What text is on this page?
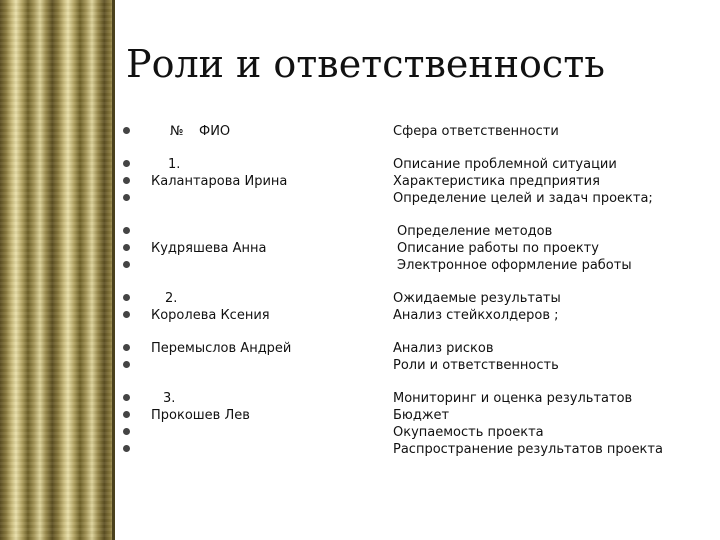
Роли и ответственность
№ ФИО	Сфера ответственности
1.
Калантарова Ирина
Описание проблемной ситуации
Характеристика предприятия
Определение целей и задач проекта;
Кудряшева Анна
Определение методов
Описание работы по проекту
Электронное оформление работы
2.
Королева Ксения
Ожидаемые результаты
Анализ стейкхолдеров ;
Перемыслов Андрей	Анализ рисков
Роли и ответственность
3.
Прокошев Лев
Мониторинг и оценка результатов
Бюджет
Окупаемость проекта
Распространение результатов проекта
